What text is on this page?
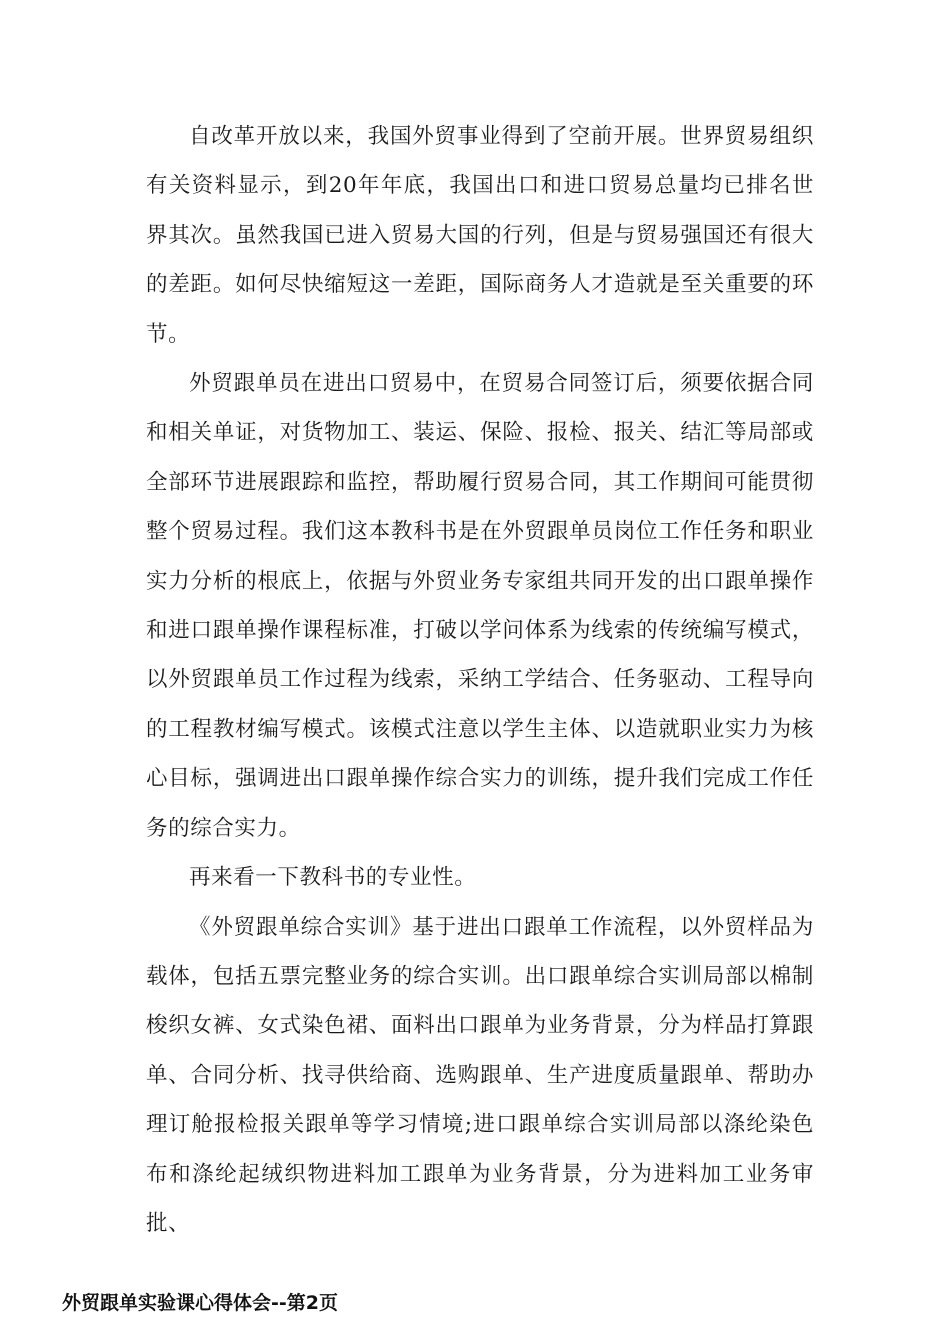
自改革开放以来，我国外贸事业得到了空前开展。世界贸易组织有关资料显示，到20年年底，我国出口和进口贸易总量均已排名世界其次。虽然我国已进入贸易大国的行列，但是与贸易强国还有很大的差距。如何尽快缩短这一差距，国际商务人才造就是至关重要的环节。

外贸跟单员在进出口贸易中，在贸易合同签订后，须要依据合同和相关单证，对货物加工、装运、保险、报检、报关、结汇等局部或全部环节进展跟踪和监控，帮助履行贸易合同，其工作期间可能贯彻整个贸易过程。我们这本教科书是在外贸跟单员岗位工作任务和职业实力分析的根底上，依据与外贸业务专家组共同开发的出口跟单操作和进口跟单操作课程标准，打破以学问体系为线索的传统编写模式，以外贸跟单员工作过程为线索，采纳工学结合、任务驱动、工程导向的工程教材编写模式。该模式注意以学生主体、以造就职业实力为核心目标，强调进出口跟单操作综合实力的训练，提升我们完成工作任务的综合实力。

再来看一下教科书的专业性。

《外贸跟单综合实训》基于进出口跟单工作流程，以外贸样品为载体，包括五票完整业务的综合实训。出口跟单综合实训局部以棉制梭织女裤、女式染色裙、面料出口跟单为业务背景，分为样品打算跟单、合同分析、找寻供给商、选购跟单、生产进度质量跟单、帮助办理订舱报检报关跟单等学习情境;进口跟单综合实训局部以涤纶染色布和涤纶起绒织物进料加工跟单为业务背景，分为进料加工业务审批、

外贸跟单实验课心得体会--第2页
